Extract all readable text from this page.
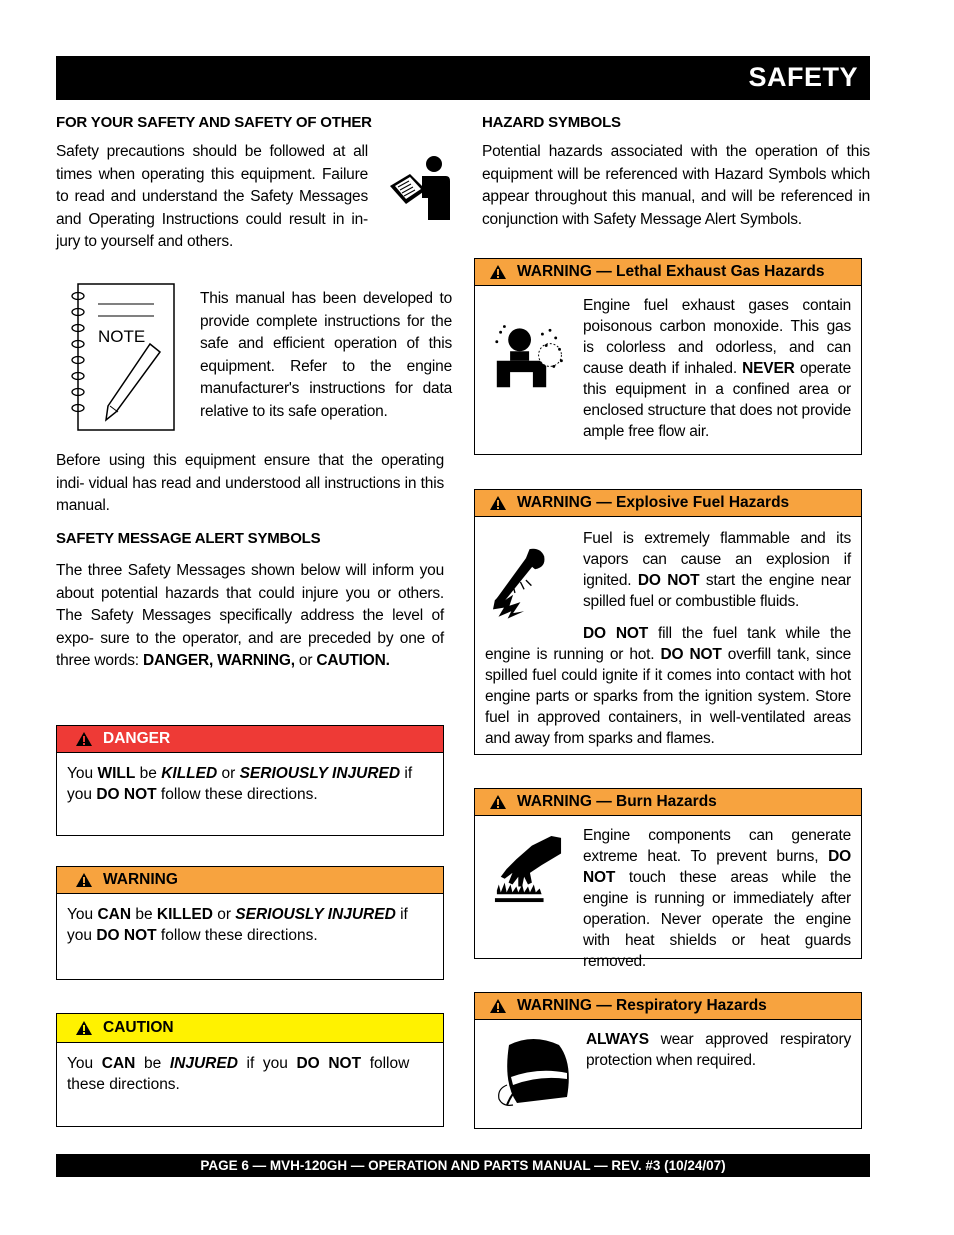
SAFETY
FOR YOUR SAFETY AND SAFETY OF OTHER
Safety precautions should be followed at all times when operating this equipment. Failure to read and understand the Safety Messages and Operating Instructions could result in in- jury to yourself and others.
NOTE
This manual has been developed to provide complete instructions for the safe and efficient operation of this equipment. Refer to the engine manufacturer's instructions for data relative to its safe operation.
Before using this equipment ensure that the operating indi- vidual has read and understood all instructions in this manual.
SAFETY MESSAGE ALERT SYMBOLS
The three Safety Messages shown below will inform you about potential hazards that could injure you or others. The Safety Messages specifically address the level of expo- sure to the operator, and are preceded by one of three words: DANGER, WARNING, or CAUTION.
DANGER
You WILL be KILLED or SERIOUSLY INJURED if you DO NOT follow these directions.
WARNING
You CAN be KILLED or SERIOUSLY INJURED if you DO NOT follow these directions.
CAUTION
You  CAN  be  INJURED  if  you  DO  NOT  follow  these directions.
HAZARD SYMBOLS
Potential hazards associated with the operation of this equipment will be referenced with Hazard Symbols which appear throughout this manual, and will be referenced in conjunction with Safety Message Alert Symbols.
WARNING — Lethal Exhaust Gas Hazards
Engine fuel exhaust gases contain poisonous carbon monoxide. This gas is colorless and odorless, and can cause death if inhaled. NEVER operate this equipment in a confined area or enclosed structure that does not provide ample free flow air.
WARNING — Explosive Fuel Hazards
Fuel is extremely flammable and its vapors can cause an explosion if ignited. DO NOT start the engine near spilled fuel or combustible fluids.
DO NOT fill the fuel tank while the engine is running or hot. DO NOT overfill tank, since spilled fuel could ignite if it comes into contact with hot engine parts or sparks from the ignition system. Store fuel in approved containers, in well-ventilated areas and away from sparks and flames.
WARNING — Burn Hazards
Engine components can generate extreme heat. To prevent burns, DO NOT touch these areas while the engine is running or immediately after operation. Never operate the engine with heat shields or heat guards removed.
WARNING — Respiratory Hazards
ALWAYS wear approved respiratory protection when required.
PAGE 6 — MVH-120GH — OPERATION AND PARTS MANUAL — REV. #3 (10/24/07)
